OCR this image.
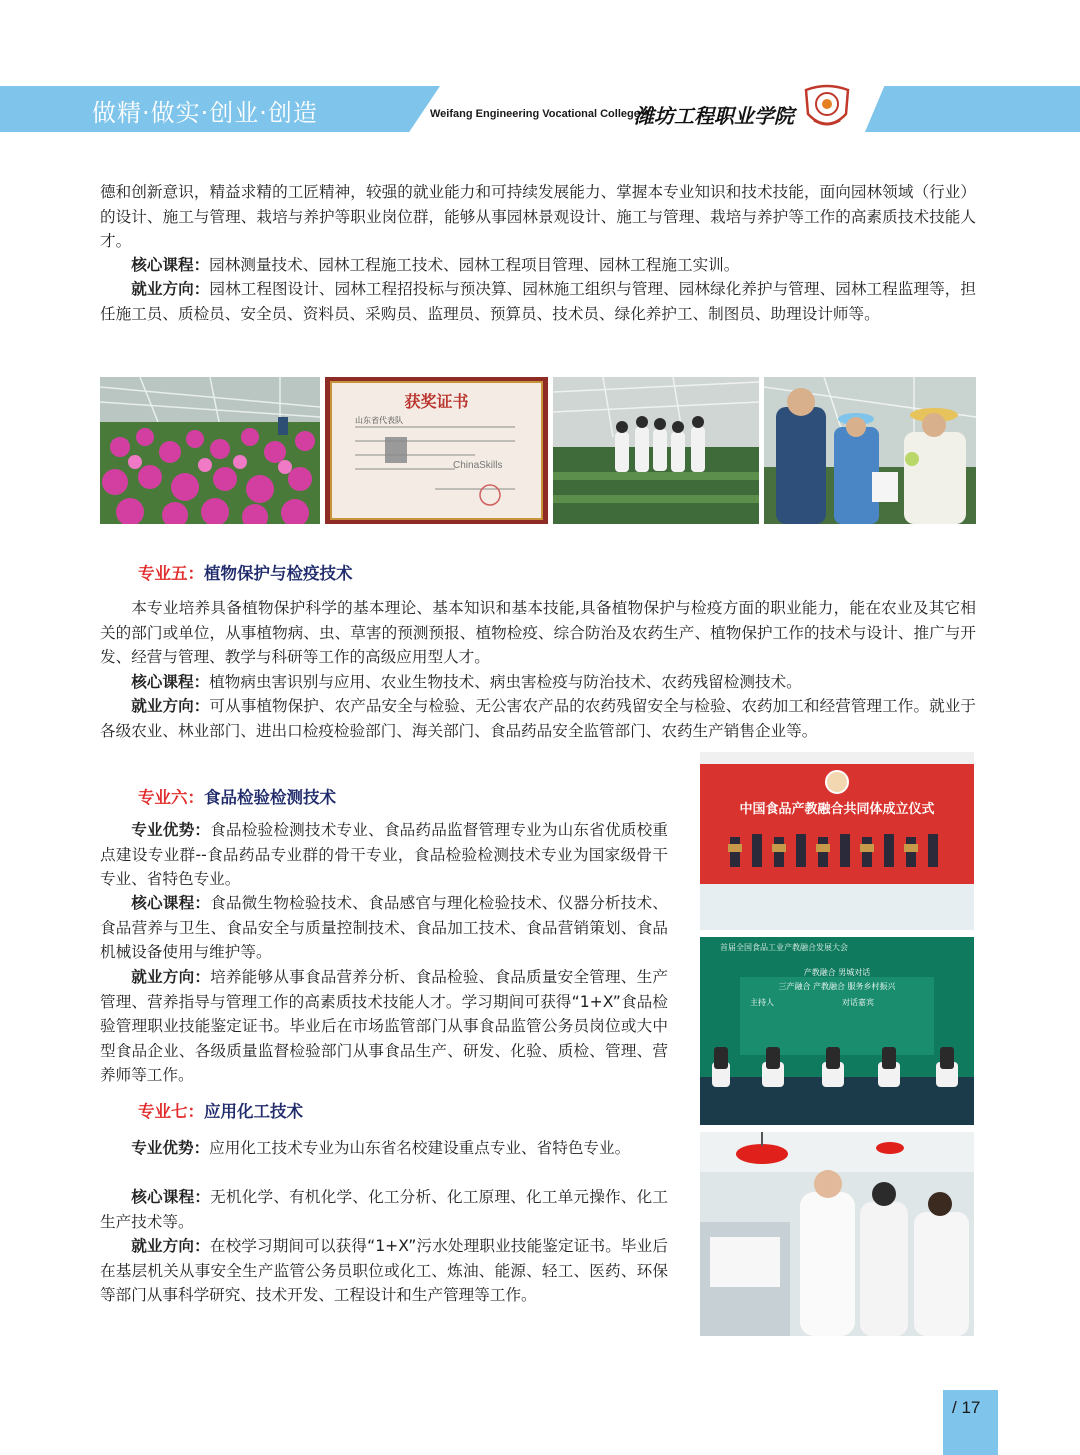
做精·做实·创业·创造	Weifang Engineering Vocational College
潍坊工程职业学院
德和创新意识，精益求精的工匠精神，较强的就业能力和可持续发展能力、掌握本专业知识和技术技能，面向园林领域（行业）的设计、施工与管理、栽培与养护等职业岗位群，能够从事园林景观设计、施工与管理、栽培与养护等工作的高素质技术技能人才。
核心课程：园林测量技术、园林工程施工技术、园林工程项目管理、园林工程施工实训。
就业方向：园林工程图设计、园林工程招投标与预决算、园林施工组织与管理、园林绿化养护与管理、园林工程监理等，担任施工员、质检员、安全员、资料员、采购员、监理员、预算员、技术员、绿化养护工、制图员、助理设计师等。
获奖证书
山东省代表队
ChinaSkills
专业五：植物保护与检疫技术
本专业培养具备植物保护科学的基本理论、基本知识和基本技能,具备植物保护与检疫方面的职业能力，能在农业及其它相关的部门或单位，从事植物病、虫、草害的预测预报、植物检疫、综合防治及农药生产、植物保护工作的技术与设计、推广与开发、经营与管理、教学与科研等工作的高级应用型人才。
核心课程：植物病虫害识别与应用、农业生物技术、病虫害检疫与防治技术、农药残留检测技术。
就业方向：可从事植物保护、农产品安全与检验、无公害农产品的农药残留安全与检验、农药加工和经营管理工作。就业于各级农业、林业部门、进出口检疫检验部门、海关部门、食品药品安全监管部门、农药生产销售企业等。
专业六：食品检验检测技术
专业优势：食品检验检测技术专业、食品药品监督管理专业为山东省优质校重点建设专业群--食品药品专业群的骨干专业，食品检验检测技术专业为国家级骨干专业、省特色专业。
核心课程：食品微生物检验技术、食品感官与理化检验技术、仪器分析技术、食品营养与卫生、食品安全与质量控制技术、食品加工技术、食品营销策划、食品机械设备使用与维护等。
就业方向：培养能够从事食品营养分析、食品检验、食品质量安全管理、生产管理、营养指导与管理工作的高素质技术技能人才。学习期间可获得“1+X”食品检验管理职业技能鉴定证书。毕业后在市场监管部门从事食品监管公务员岗位或大中型食品企业、各级质量监督检验部门从事食品生产、研发、化验、质检、管理、营养师等工作。
专业七：应用化工技术
专业优势：应用化工技术专业为山东省名校建设重点专业、省特色专业。
核心课程：无机化学、有机化学、化工分析、化工原理、化工单元操作、化工生产技术等。
就业方向：在校学习期间可以获得“1+X”污水处理职业技能鉴定证书。毕业后在基层机关从事安全生产监管公务员职位或化工、炼油、能源、轻工、医药、环保等部门从事科学研究、技术开发、工程设计和生产管理等工作。
中国食品产教融合共同体成立仪式
首届全国食品工业产教融合发展大会
产教融合 男城对话
三产融合 产教融合 服务乡村振兴
主持人	对话嘉宾
/ 17
